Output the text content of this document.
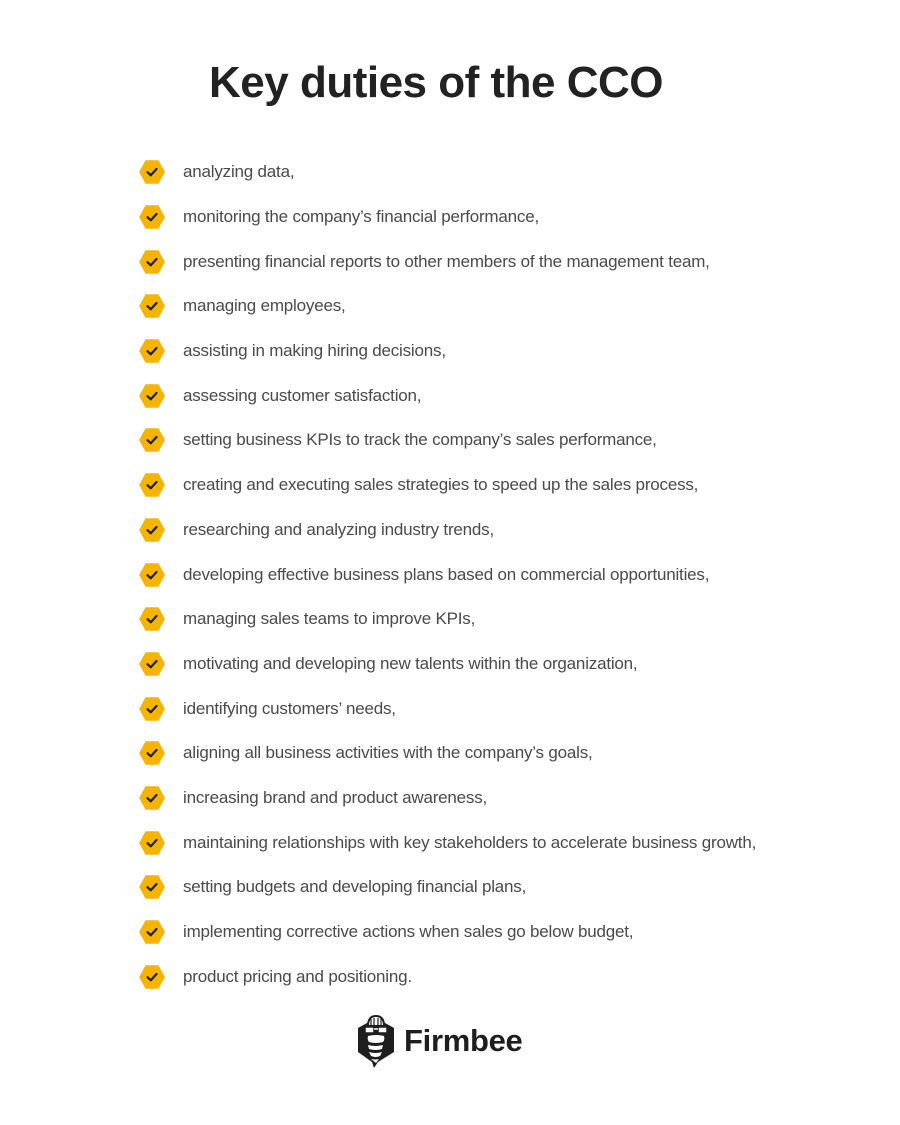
Key duties of the CCO
analyzing data,
monitoring the company’s financial performance,
presenting financial reports to other members of the management team,
managing employees,
assisting in making hiring decisions,
assessing customer satisfaction,
setting business KPIs to track the company’s sales performance,
creating and executing sales strategies to speed up the sales process,
researching and analyzing industry trends,
developing effective business plans based on commercial opportunities,
managing sales teams to improve KPIs,
motivating and developing new talents within the organization,
identifying customers’ needs,
aligning all business activities with the company’s goals,
increasing brand and product awareness,
maintaining relationships with key stakeholders to accelerate business growth,
setting budgets and developing financial plans,
implementing corrective actions when sales go below budget,
product pricing and positioning.
Firmbee
